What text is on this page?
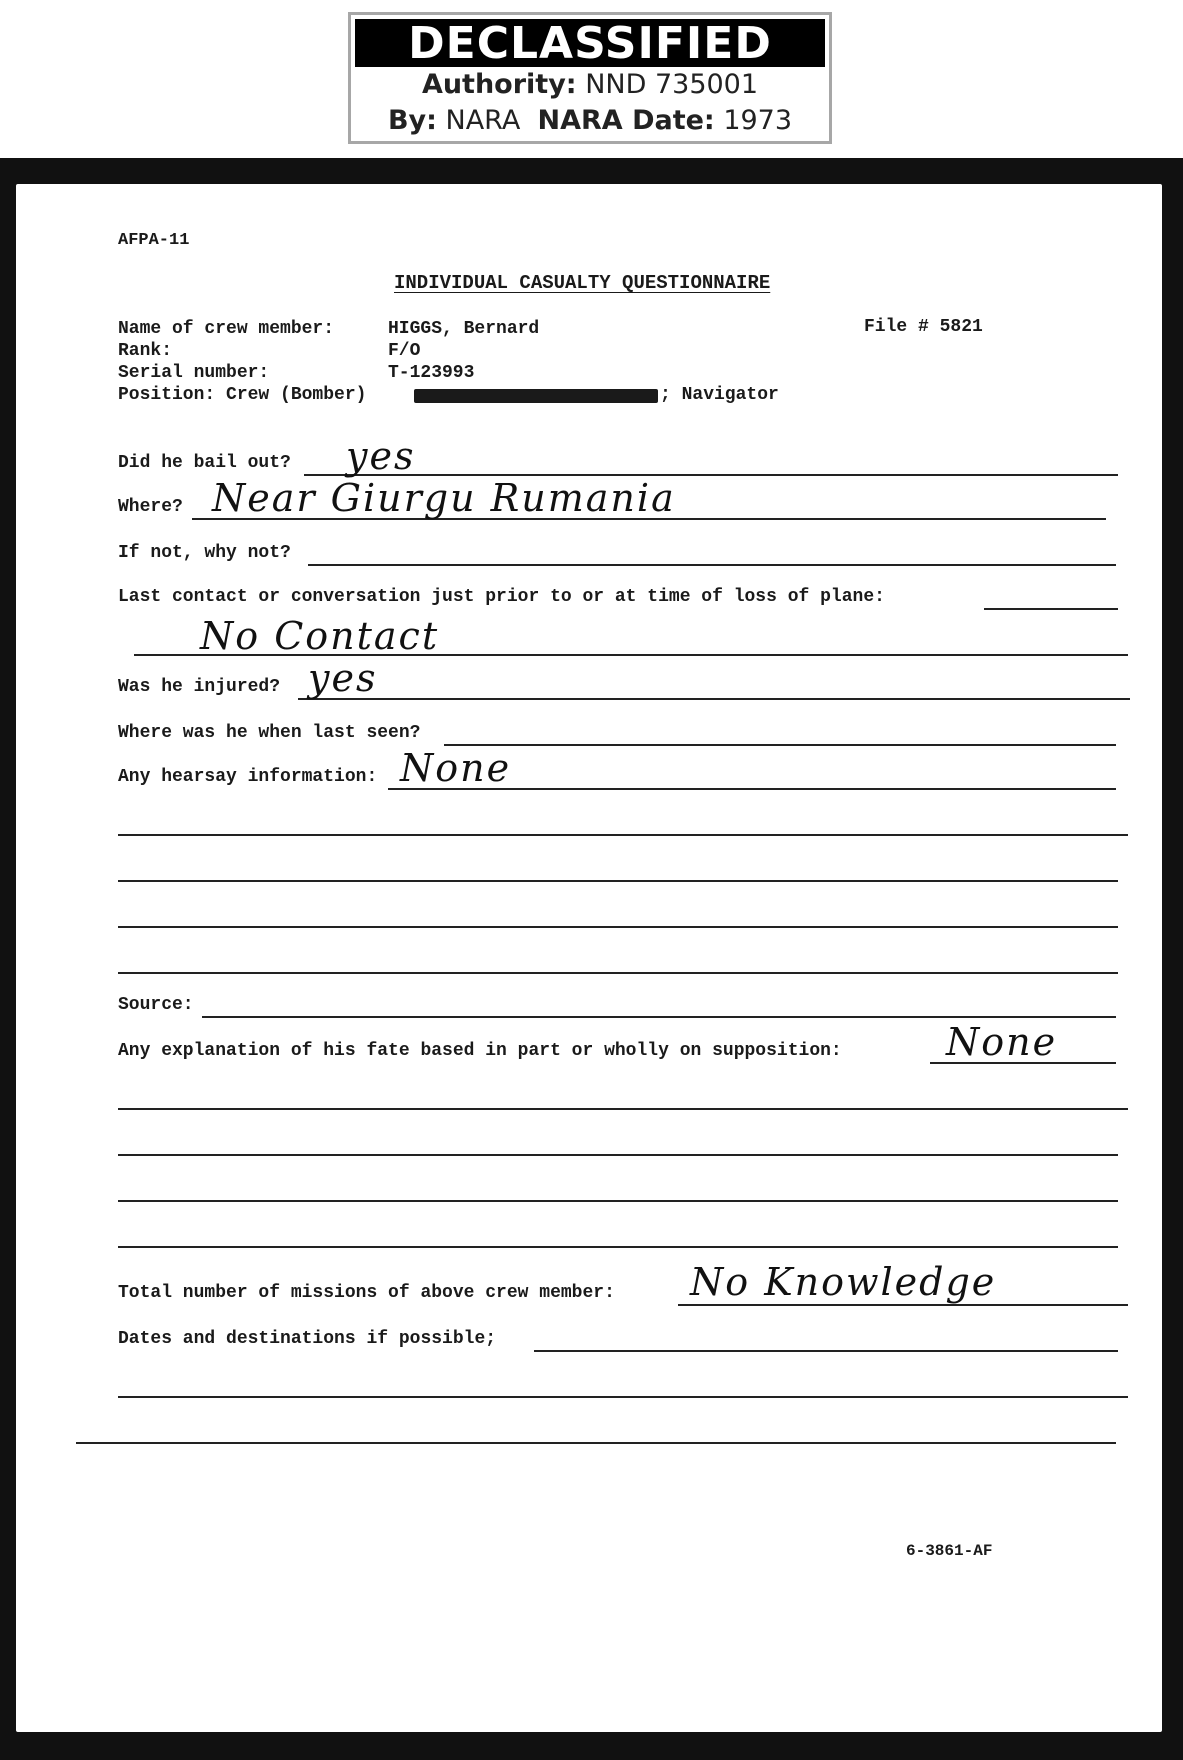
DECLASSIFIED
Authority: NND 735001
By: NARA NARA Date: 1973
AFPA-11
INDIVIDUAL CASUALTY QUESTIONNAIRE
File # 5821
Name of crew member:	HIGGS, Bernard
Rank:	F/O
Serial number:	T-123993
Position: Crew (Bomber)	; Navigator
Did he bail out? yes
Where? Near Giurgu Rumania
If not, why not?
Last contact or conversation just prior to or at time of loss of plane:
No Contact
Was he injured? yes
Where was he when last seen?
Any hearsay information: None
Source:
Any explanation of his fate based in part or wholly on supposition:	None
Total number of missions of above crew member: No Knowledge
Dates and destinations if possible;
6-3861-AF
